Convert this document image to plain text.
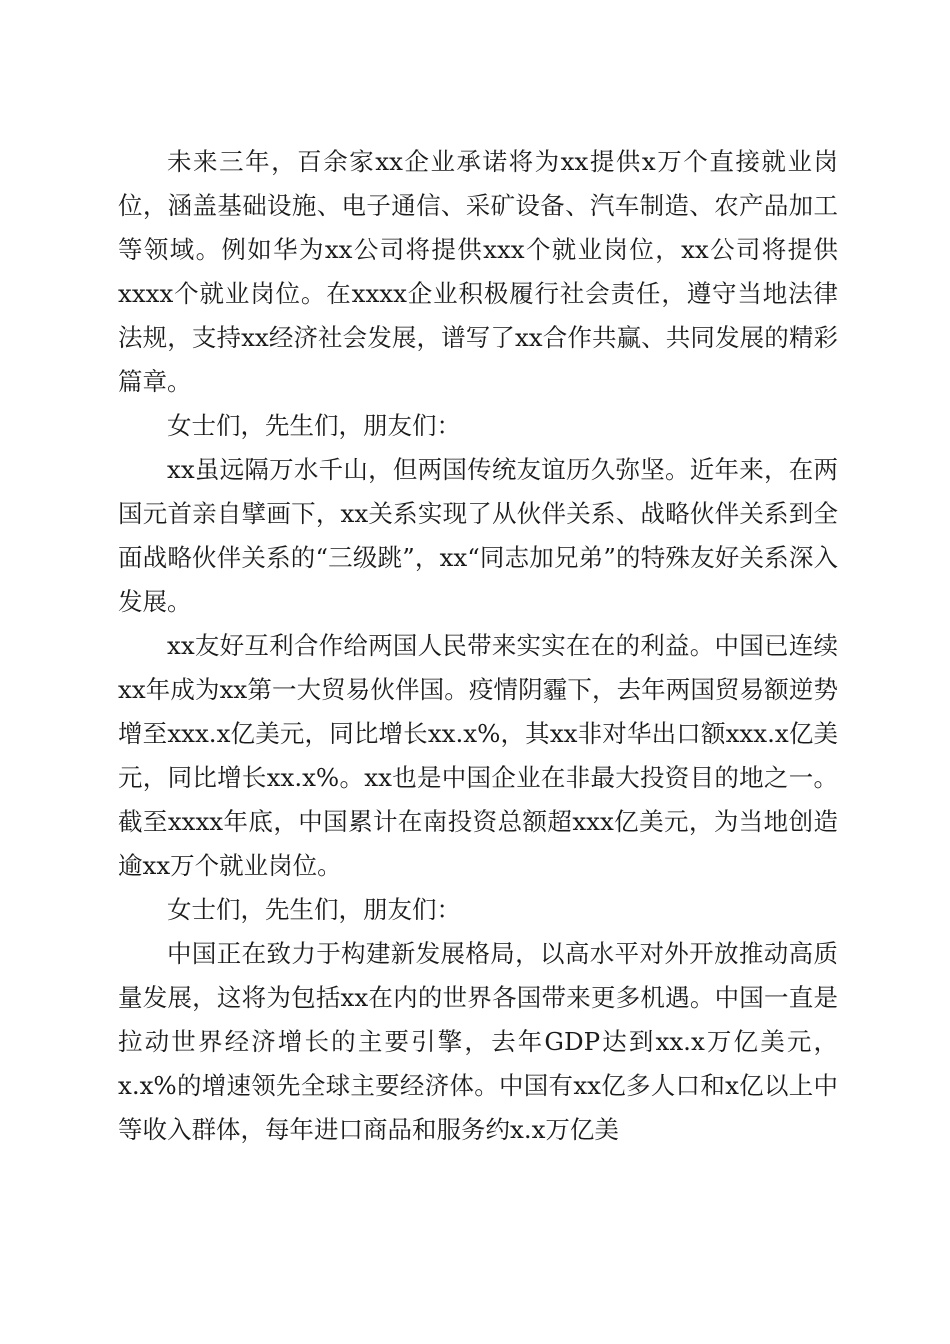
未来三年，百余家xx企业承诺将为xx提供x万个直接就业岗位，涵盖基础设施、电子通信、采矿设备、汽车制造、农产品加工等领域。例如华为xx公司将提供xxx个就业岗位，xx公司将提供xxxx个就业岗位。在xxxx企业积极履行社会责任，遵守当地法律法规，支持xx经济社会发展，谱写了xx合作共赢、共同发展的精彩篇章。

女士们，先生们，朋友们：

xx虽远隔万水千山，但两国传统友谊历久弥坚。近年来，在两国元首亲自擘画下，xx关系实现了从伙伴关系、战略伙伴关系到全面战略伙伴关系的“三级跳”，xx“同志加兄弟”的特殊友好关系深入发展。

xx友好互利合作给两国人民带来实实在在的利益。中国已连续xx年成为xx第一大贸易伙伴国。疫情阴霾下，去年两国贸易额逆势增至xxx.x亿美元，同比增长xx.x%，其xx非对华出口额xxx.x亿美元，同比增长xx.x%。xx也是中国企业在非最大投资目的地之一。截至xxxx年底，中国累计在南投资总额超xxx亿美元，为当地创造逾xx万个就业岗位。

女士们，先生们，朋友们：

中国正在致力于构建新发展格局，以高水平对外开放推动高质量发展，这将为包括xx在内的世界各国带来更多机遇。中国一直是拉动世界经济增长的主要引擎，去年GDP达到xx.x万亿美元，x.x%的增速领先全球主要经济体。中国有xx亿多人口和x亿以上中等收入群体，每年进口商品和服务约x.x万亿美
